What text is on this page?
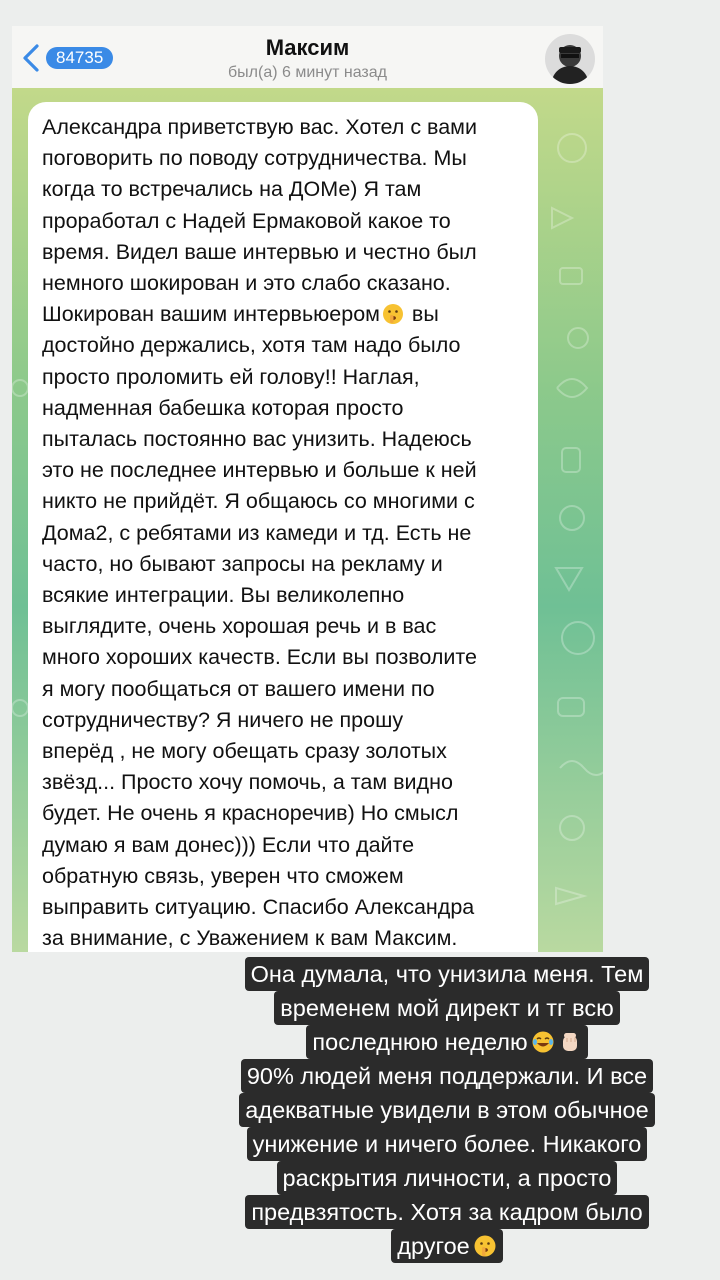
84735	Максим
был(а) 6 минут назад

Александра приветствую вас. Хотел с вами
поговорить по поводу сотрудничества. Мы
когда то встречались на ДОМе) Я там
проработал с Надей Ермаковой какое то
время. Видел ваше интервью и честно был
немного шокирован и это слабо сказано.
Шокирован вашим интервьюером вы
достойно держались, хотя там надо было
просто проломить ей голову!! Наглая,
надменная бабешка которая просто
пыталась постоянно вас унизить. Надеюсь
это не последнее интервью и больше к ней
никто не прийдёт. Я общаюсь со многими с
Дома2, с ребятами из камеди и тд. Есть не
часто, но бывают запросы на рекламу и
всякие интеграции. Вы великолепно
выглядите, очень хорошая речь и в вас
много хороших качеств. Если вы позволите
я могу пообщаться от вашего имени по
сотрудничеству? Я ничего не прошу
вперёд , не могу обещать сразу золотых
звёзд... Просто хочу помочь, а там видно
будет. Не очень я красноречив) Но смысл
думаю я вам донес))) Если что дайте
обратную связь, уверен что сможем
выправить ситуацию. Спасибо Александра
за внимание, с Уважением к вам Максим.

Она думала, что унизила меня. Тем
временем мой директ и тг всю
последнюю неделю
90% людей меня поддержали. И все
адекватные увидели в этом обычное
унижение и ничего более. Никакого
раскрытия личности, а просто
предвзятость. Хотя за кадром было
другое
